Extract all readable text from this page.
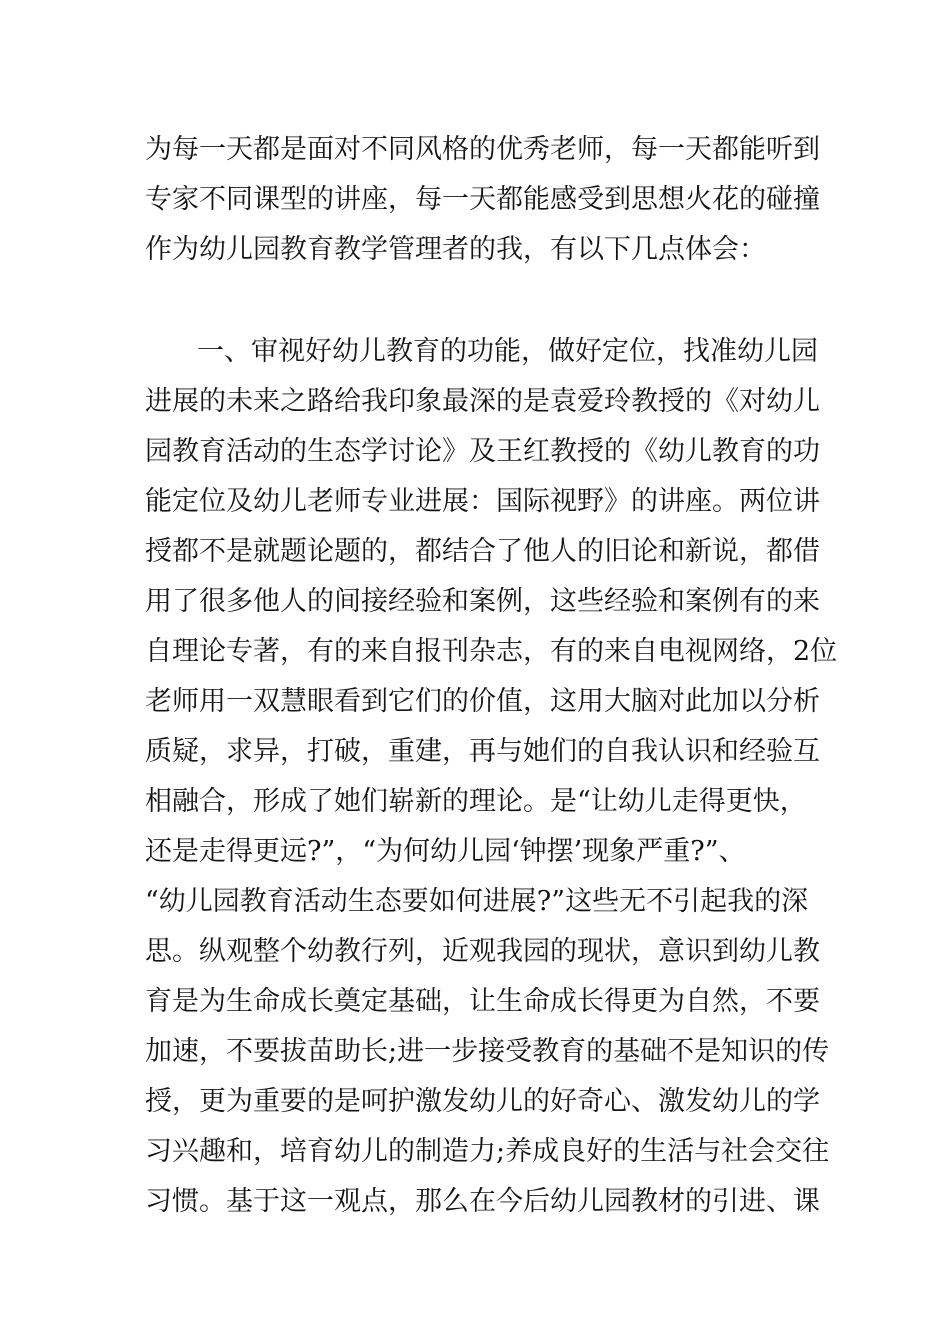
为每一天都是面对不同风格的优秀老师，每一天都能听到
专家不同课型的讲座，每一天都能感受到思想火花的碰撞
作为幼儿园教育教学管理者的我，有以下几点体会：
一、审视好幼儿教育的功能，做好定位，找准幼儿园
进展的未来之路给我印象最深的是袁爱玲教授的《对幼儿
园教育活动的生态学讨论》及王红教授的《幼儿教育的功
能定位及幼儿老师专业进展：国际视野》的讲座。两位讲
授都不是就题论题的，都结合了他人的旧论和新说，都借
用了很多他人的间接经验和案例，这些经验和案例有的来
自理论专著，有的来自报刊杂志，有的来自电视网络，2位
老师用一双慧眼看到它们的价值，这用大脑对此加以分析
质疑，求异，打破，重建，再与她们的自我认识和经验互
相融合，形成了她们崭新的理论。是“让幼儿走得更快，
还是走得更远?”，“为何幼儿园‘钟摆’现象严重?”、
“幼儿园教育活动生态要如何进展?”这些无不引起我的深
思。纵观整个幼教行列，近观我园的现状，意识到幼儿教
育是为生命成长奠定基础，让生命成长得更为自然，不要
加速，不要拔苗助长;进一步接受教育的基础不是知识的传
授，更为重要的是呵护激发幼儿的好奇心、激发幼儿的学
习兴趣和，培育幼儿的制造力;养成良好的生活与社会交往
习惯。基于这一观点，那么在今后幼儿园教材的引进、课
